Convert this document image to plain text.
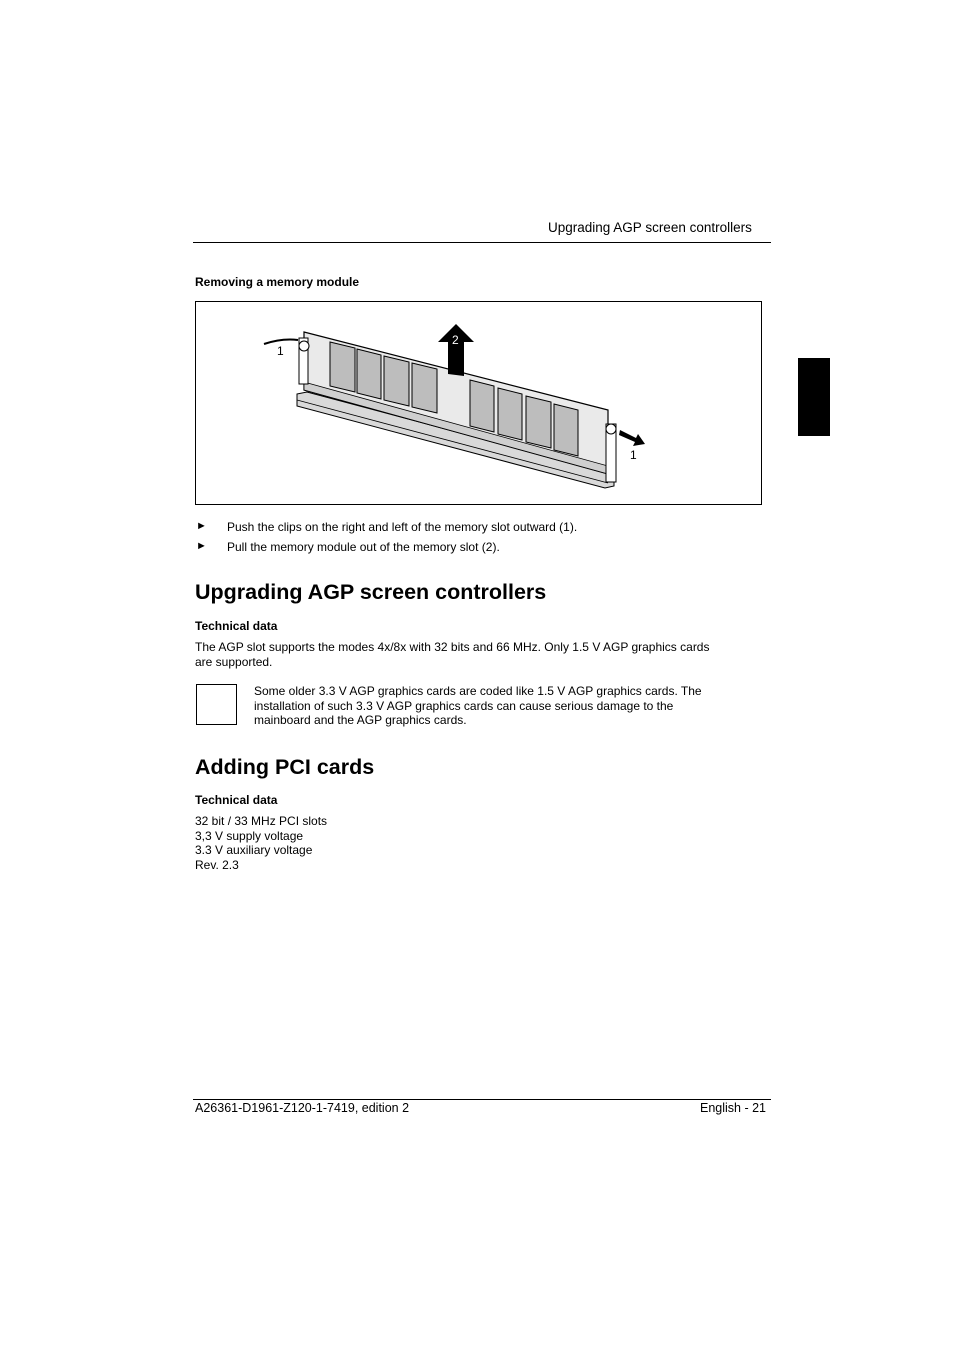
Upgrading AGP screen controllers
Removing a memory module
1
2
1
► Push the clips on the right and left of the memory slot outward (1).
► Pull the memory module out of the memory slot (2).
Upgrading AGP screen controllers
Technical data
The AGP slot supports the modes 4x/8x with 32 bits and 66 MHz. Only 1.5 V AGP graphics cards
are supported.
Some older 3.3 V AGP graphics cards are coded like 1.5 V AGP graphics cards. The
installation of such 3.3 V AGP graphics cards can cause serious damage to the
mainboard and the AGP graphics cards.
Adding PCI cards
Technical data
32 bit / 33 MHz PCI slots
3,3 V supply voltage
3.3 V auxiliary voltage
Rev. 2.3
A26361-D1961-Z120-1-7419, edition 2	English - 21
